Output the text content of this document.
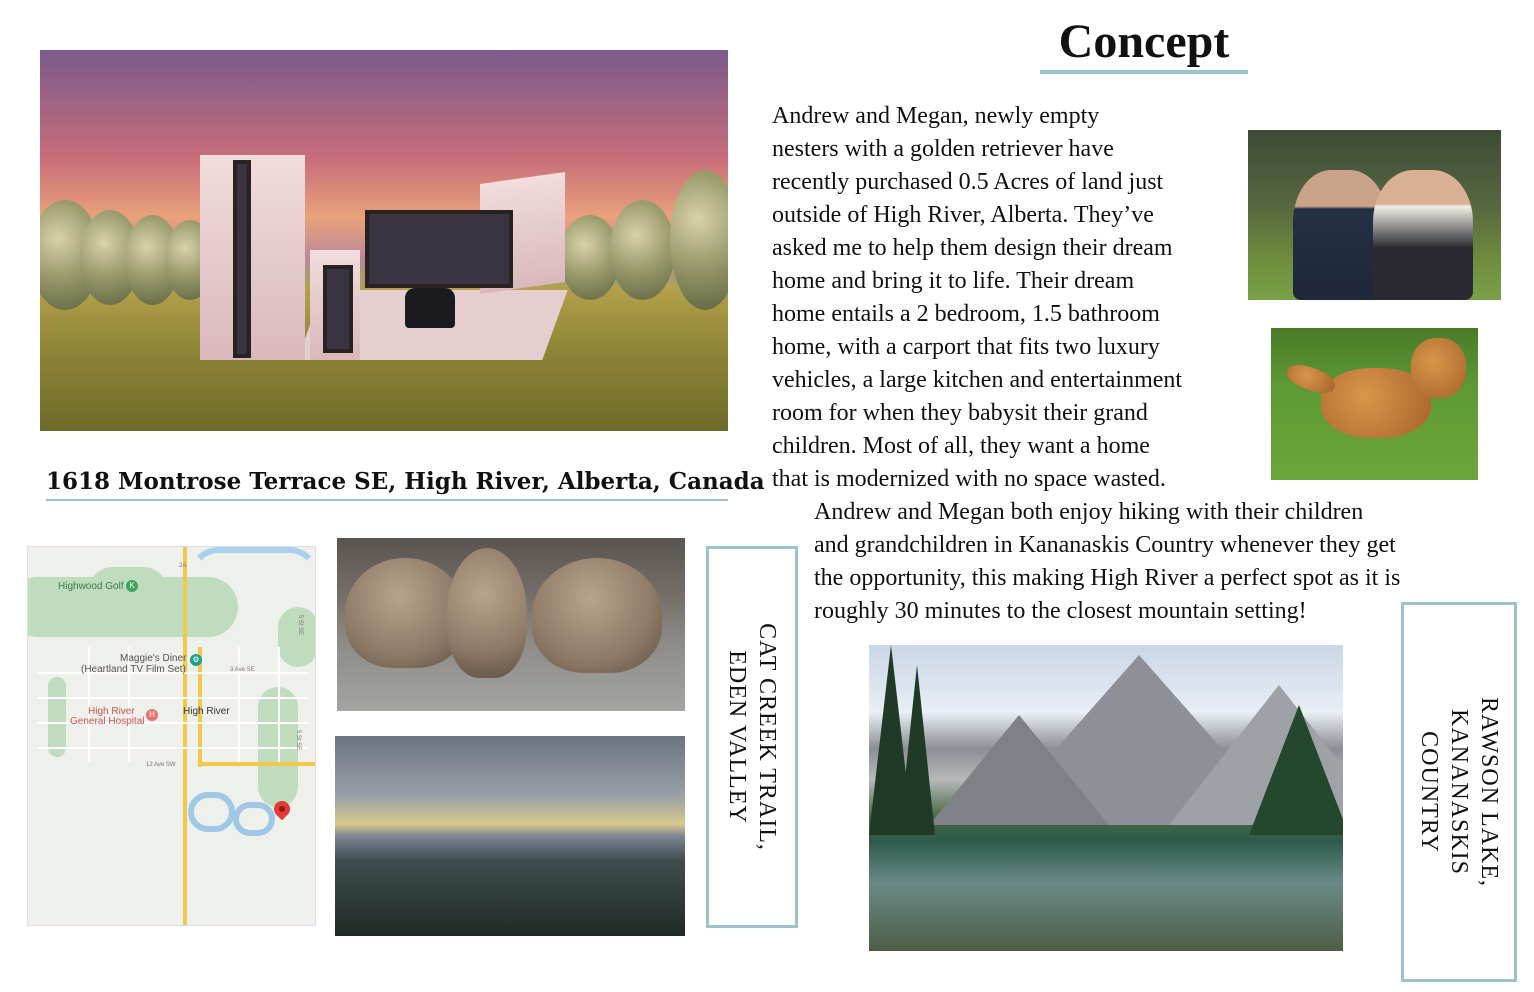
Concept
1618 Montrose Terrace SE, High River, Alberta, Canada
K
Highwood Golf
⚙
Maggie's Diner
(Heartland TV Film Set)
H
High River
General Hospital
High River
2A
3 Ave SE
12 Ave SW
5 St SE
5 St SE	CAT CREEK TRAIL,
EDEN VALLEY
Andrew and Megan, newly empty
nesters with a golden retriever have
recently purchased 0.5 Acres of land just
outside of High River, Alberta. They’ve
asked me to help them design their dream
home and bring it to life. Their dream
home entails a 2 bedroom, 1.5 bathroom
home, with a carport that fits two luxury
vehicles, a large kitchen and entertainment
room for when they babysit their grand
children. Most of all, they want a home
that is modernized with no space wasted.
Andrew and Megan both enjoy hiking with their children
and grandchildren in Kananaskis Country whenever they get
the opportunity, this making High River a perfect spot as it is
roughly 30 minutes to the closest mountain setting!
RAWSON LAKE,
KANANASKIS
COUNTRY
